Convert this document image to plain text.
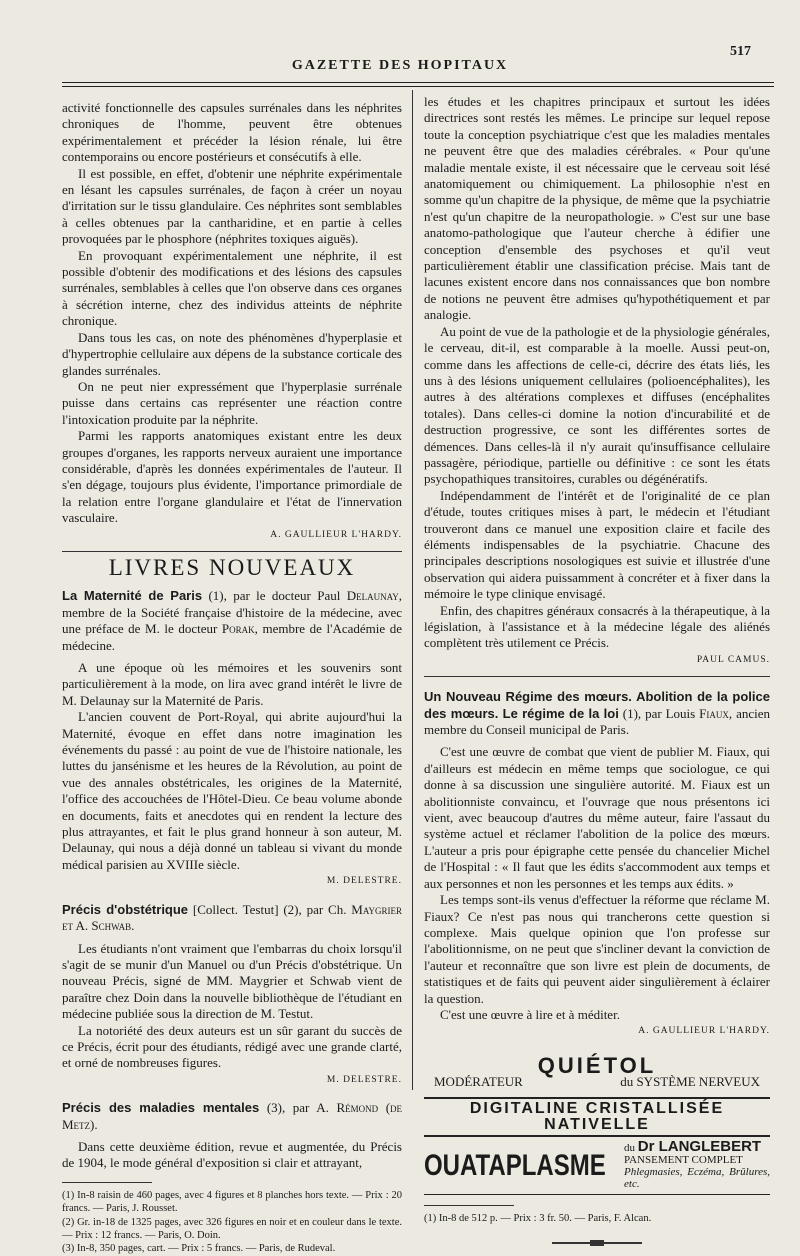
517
GAZETTE DES HOPITAUX

activité fonctionnelle des capsules surrénales dans les néphrites chroniques de l'homme, peuvent être obtenues expérimentalement et précéder la lésion rénale, lui être contemporains ou encore postérieurs et consécutifs à elle.

Il est possible, en effet, d'obtenir une néphrite expérimentale en lésant les capsules surrénales, de façon à créer un noyau d'irritation sur le tissu glandulaire. Ces néphrites sont semblables à celles obtenues par la cantharidine, et en partie à celles provoquées par le phosphore (néphrites toxiques aiguës).

En provoquant expérimentalement une néphrite, il est possible d'obtenir des modifications et des lésions des capsules surrénales, semblables à celles que l'on observe dans ces organes à sécrétion interne, chez des individus atteints de néphrite chronique.

Dans tous les cas, on note des phénomènes d'hyperplasie et d'hypertrophie cellulaire aux dépens de la substance corticale des glandes surrénales.

On ne peut nier expressément que l'hyperplasie surrénale puisse dans certains cas représenter une réaction contre l'intoxication produite par la néphrite.

Parmi les rapports anatomiques existant entre les deux groupes d'organes, les rapports nerveux auraient une importance considérable, d'après les données expérimentales de l'auteur. Il s'en dégage, toujours plus évidente, l'importance primordiale de la relation entre l'organe glandulaire et l'état de l'innervation vasculaire.

A. GAULLIEUR L'HARDY.

LIVRES NOUVEAUX

La Maternité de Paris (1), par le docteur Paul Delaunay, membre de la Société française d'histoire de la médecine, avec une préface de M. le docteur Porak, membre de l'Académie de médecine.

A une époque où les mémoires et les souvenirs sont particulièrement à la mode, on lira avec grand intérêt le livre de M. Delaunay sur la Maternité de Paris.

L'ancien couvent de Port-Royal, qui abrite aujourd'hui la Maternité, évoque en effet dans notre imagination les événements du passé : au point de vue de l'histoire nationale, les luttes du jansénisme et les heures de la Révolution, au point de vue des annales obstétricales, les origines de la Maternité, l'office des accouchées de l'Hôtel-Dieu. Ce beau volume abonde en documents, faits et anecdotes qui en rendent la lecture des plus attrayantes, et fait le plus grand honneur à son auteur, M. Delaunay, qui nous a déjà donné un tableau si vivant du monde médical parisien au XVIIIe siècle.

M. DELESTRE.

Précis d'obstétrique [Collect. Testut] (2), par Ch. Maygrier et A. Schwab.

Les étudiants n'ont vraiment que l'embarras du choix lorsqu'il s'agit de se munir d'un Manuel ou d'un Précis d'obstétrique. Un nouveau Précis, signé de MM. Maygrier et Schwab vient de paraître chez Doin dans la nouvelle bibliothèque de l'étudiant en médecine publiée sous la direction de M. Testut.

La notoriété des deux auteurs est un sûr garant du succès de ce Précis, écrit pour des étudiants, rédigé avec une grande clarté, et orné de nombreuses figures.

M. DELESTRE.

Précis des maladies mentales (3), par A. Rémond (de Metz).

Dans cette deuxième édition, revue et augmentée, du Précis de 1904, le mode général d'exposition si clair et attrayant,

(1) In-8 raisin de 460 pages, avec 4 figures et 8 planches hors texte. — Prix : 20 francs. — Paris, J. Rousset.

(2) Gr. in-18 de 1325 pages, avec 326 figures en noir et en couleur dans le texte. — Prix : 12 francs. — Paris, O. Doin.

(3) In-8, 350 pages, cart. — Prix : 5 francs. — Paris, de Rudeval.

les études et les chapitres principaux et surtout les idées directrices sont restés les mêmes. Le principe sur lequel repose toute la conception psychiatrique c'est que les maladies mentales ne peuvent être que des maladies cérébrales. « Pour qu'une maladie mentale existe, il est nécessaire que le cerveau soit lésé anatomiquement ou chimiquement. La philosophie n'est en somme qu'un chapitre de la physique, de même que la psychiatrie n'est qu'un chapitre de la neuropathologie. » C'est sur une base anatomo-pathologique que l'auteur cherche à édifier une conception d'ensemble des psychoses et qu'il veut particulièrement établir une classification précise. Mais tant de lacunes existent encore dans nos connaissances que bon nombre de notions ne peuvent être admises qu'hypothétiquement et par analogie.

Au point de vue de la pathologie et de la physiologie générales, le cerveau, dit-il, est comparable à la moelle. Aussi peut-on, comme dans les affections de celle-ci, décrire des états liés, les uns à des lésions uniquement cellulaires (polioencéphalites), les autres à des altérations complexes et diffuses (encéphalites totales). Dans celles-ci domine la notion d'incurabilité et de destruction progressive, ce sont les différentes sortes de démences. Dans celles-là il n'y aurait qu'insuffisance cellulaire passagère, périodique, partielle ou définitive : ce sont les états psychopathiques transitoires, curables ou dégénératifs.

Indépendamment de l'intérêt et de l'originalité de ce plan d'étude, toutes critiques mises à part, le médecin et l'étudiant trouveront dans ce manuel une exposition claire et facile des éléments indispensables de la psychiatrie. Chacune des principales descriptions nosologiques est suivie et illustrée d'une observation qui aidera puissamment à concréter et à fixer dans la mémoire le type clinique envisagé.

Enfin, des chapitres généraux consacrés à la thérapeutique, à la législation, à l'assistance et à la médecine légale des aliénés complètent très utilement ce Précis.

PAUL CAMUS.

Un Nouveau Régime des mœurs. Abolition de la police des mœurs. Le régime de la loi (1), par Louis Fiaux, ancien membre du Conseil municipal de Paris.

C'est une œuvre de combat que vient de publier M. Fiaux, qui d'ailleurs est médecin en même temps que sociologue, ce qui donne à sa discussion une singulière autorité. M. Fiaux est un abolitionniste convaincu, et l'ouvrage que nous présentons ici vient, avec beaucoup d'autres du même auteur, faire l'assaut du système actuel et réclamer l'abolition de la police des mœurs. L'auteur a pris pour épigraphe cette pensée du chancelier Michel de l'Hospital : « Il faut que les édits s'accommodent aux temps et aux personnes et non les personnes et les temps aux édits. »

Les temps sont-ils venus d'effectuer la réforme que réclame M. Fiaux? Ce n'est pas nous qui trancherons cette question si complexe. Mais quelque opinion que l'on professe sur l'abolitionnisme, on ne peut que s'incliner devant la conviction de l'auteur et reconnaître que son livre est plein de documents, de statistiques et de faits qui peuvent aider singulièrement à éclairer la question.

C'est une œuvre à lire et à méditer.

A. GAULLIEUR L'HARDY.

QUIÉTOL
MODÉRATEUR	du SYSTÈME NERVEUX
DIGITALINE CRISTALLISÉE NATIVELLE
OUATAPLASME
du Dr LANGLEBERT
PANSEMENT COMPLET
Phlegmasies, Eczéma, Brûlures, etc.

(1) In-8 de 512 p. — Prix : 3 fr. 50. — Paris, F. Alcan.
